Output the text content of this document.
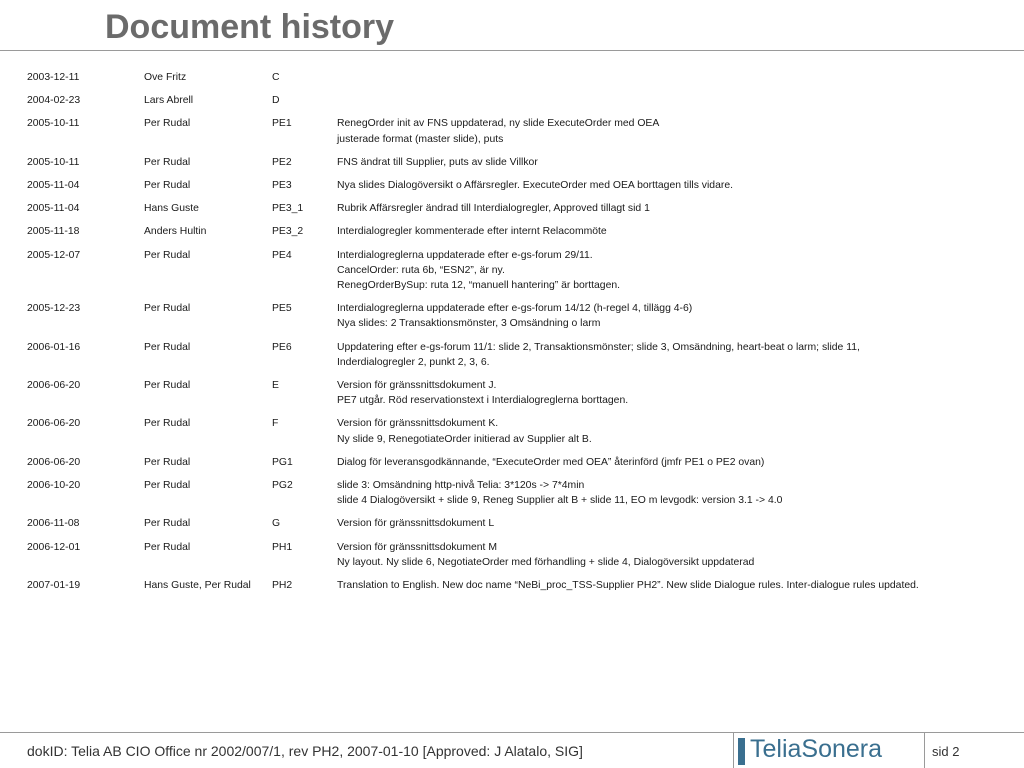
Document history
2003-12-11	Ove Fritz	C
2004-02-23	Lars Abrell	D
2005-10-11	Per Rudal	PE1	RenegOrder init av FNS uppdaterad, ny slide ExecuteOrder med OEA
justerade format (master slide), puts
2005-10-11	Per Rudal	PE2	FNS ändrat till Supplier, puts av slide Villkor
2005-11-04	Per Rudal	PE3	Nya slides Dialogöversikt o Affärsregler. ExecuteOrder med OEA borttagen tills vidare.
2005-11-04	Hans Guste	PE3_1	Rubrik Affärsregler ändrad till Interdialogregler, Approved tillagt sid 1
2005-11-18	Anders Hultin	PE3_2	Interdialogregler kommenterade efter internt Relacommöte
2005-12-07	Per Rudal	PE4	Interdialogreglerna uppdaterade efter e-gs-forum 29/11.
CancelOrder: ruta 6b, “ESN2”, är ny.
RenegOrderBySup: ruta 12, “manuell hantering” är borttagen.
2005-12-23	Per Rudal	PE5	Interdialogreglerna uppdaterade efter e-gs-forum 14/12 (h-regel 4, tillägg 4-6)
Nya slides: 2 Transaktionsmönster, 3 Omsändning o larm
2006-01-16	Per Rudal	PE6	Uppdatering efter e-gs-forum 11/1: slide 2, Transaktionsmönster; slide 3, Omsändning, heart-beat o larm; slide 11,
Inderdialogregler 2, punkt 2, 3, 6.
2006-06-20	Per Rudal	E	Version för gränssnittsdokument J.
PE7 utgår. Röd reservationstext i Interdialogreglerna borttagen.
2006-06-20	Per Rudal	F	Version för gränssnittsdokument K.
Ny slide 9, RenegotiateOrder initierad av Supplier alt B.
2006-06-20	Per Rudal	PG1	Dialog för leveransgodkännande, “ExecuteOrder med OEA” återinförd (jmfr PE1 o PE2 ovan)
2006-10-20	Per Rudal	PG2	slide 3: Omsändning http-nivå Telia: 3*120s -> 7*4min
slide 4 Dialogöversikt + slide 9, Reneg Supplier alt B + slide 11, EO m levgodk: version 3.1 -> 4.0
2006-11-08	Per Rudal	G	Version för gränssnittsdokument L
2006-12-01	Per Rudal	PH1	Version för gränssnittsdokument M
Ny layout. Ny slide 6, NegotiateOrder med förhandling + slide 4, Dialogöversikt uppdaterad
2007-01-19	Hans Guste, Per Rudal	PH2	Translation to English. New doc name “NeBi_proc_TSS-Supplier PH2”. New slide Dialogue rules. Inter-dialogue rules updated.
dokID: Telia AB CIO Office nr 2002/007/1, rev PH2, 2007-01-10 [Approved: J Alatalo, SIG]	TeliaSonera	sid 2
